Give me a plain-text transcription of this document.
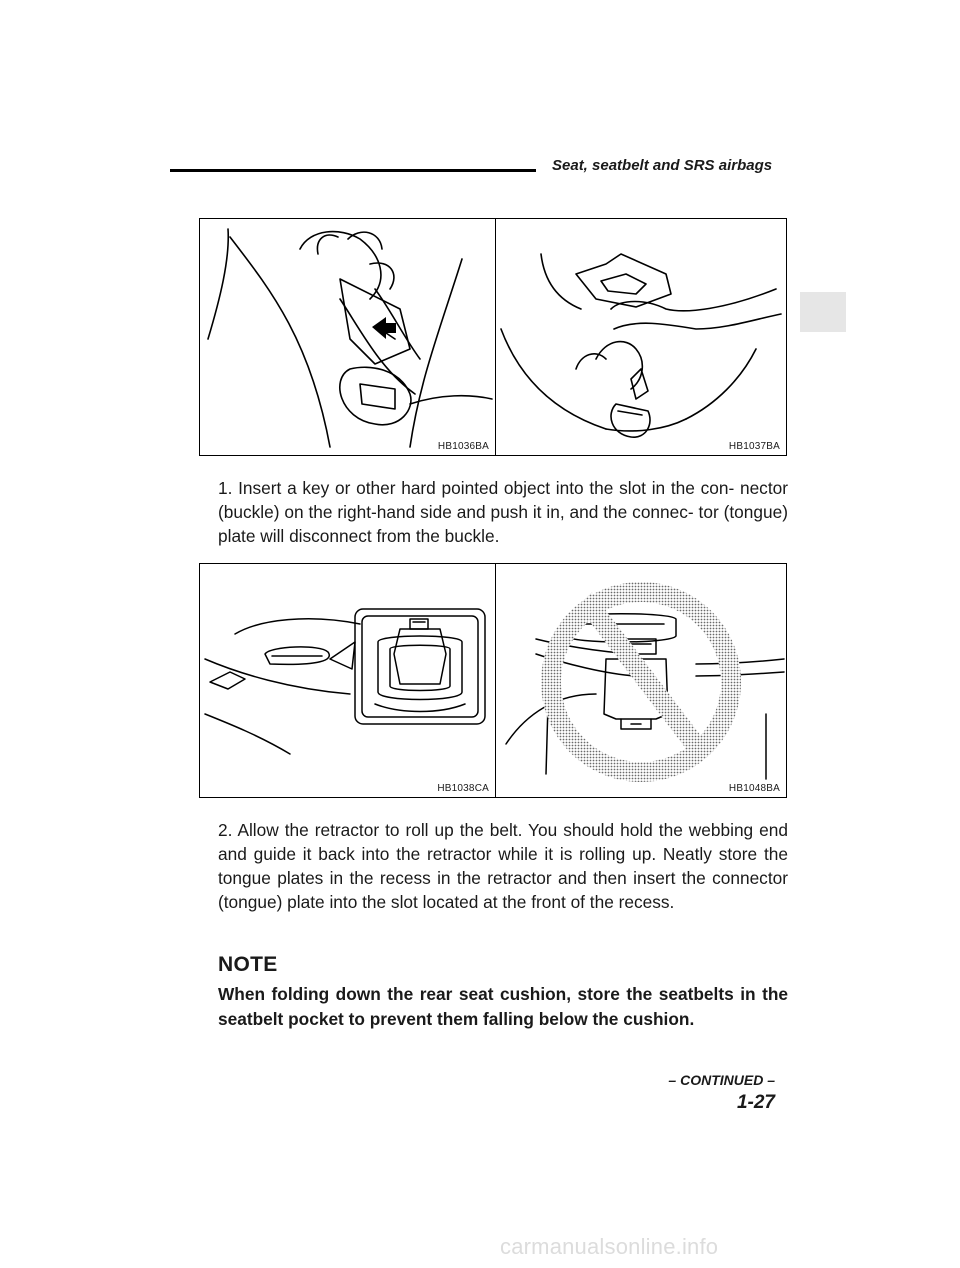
Seat, seatbelt and SRS airbags
HB1036BA	HB1037BA
1. Insert a key or other hard pointed object into the slot in the con- nector (buckle) on the right-hand side and push it in, and the connec- tor (tongue) plate will disconnect from the buckle.
HB1038CA	HB1048BA
2. Allow the retractor to roll up the belt. You should hold the webbing end and guide it back into the retractor while it is rolling up. Neatly store the tongue plates in the recess in the retractor and then insert the connector (tongue) plate into the slot located at the front of the recess.
NOTE
When folding down the rear seat cushion, store the seatbelts in the seatbelt pocket to prevent them falling below the cushion.
– CONTINUED –
1-27
carmanualsonline.info
